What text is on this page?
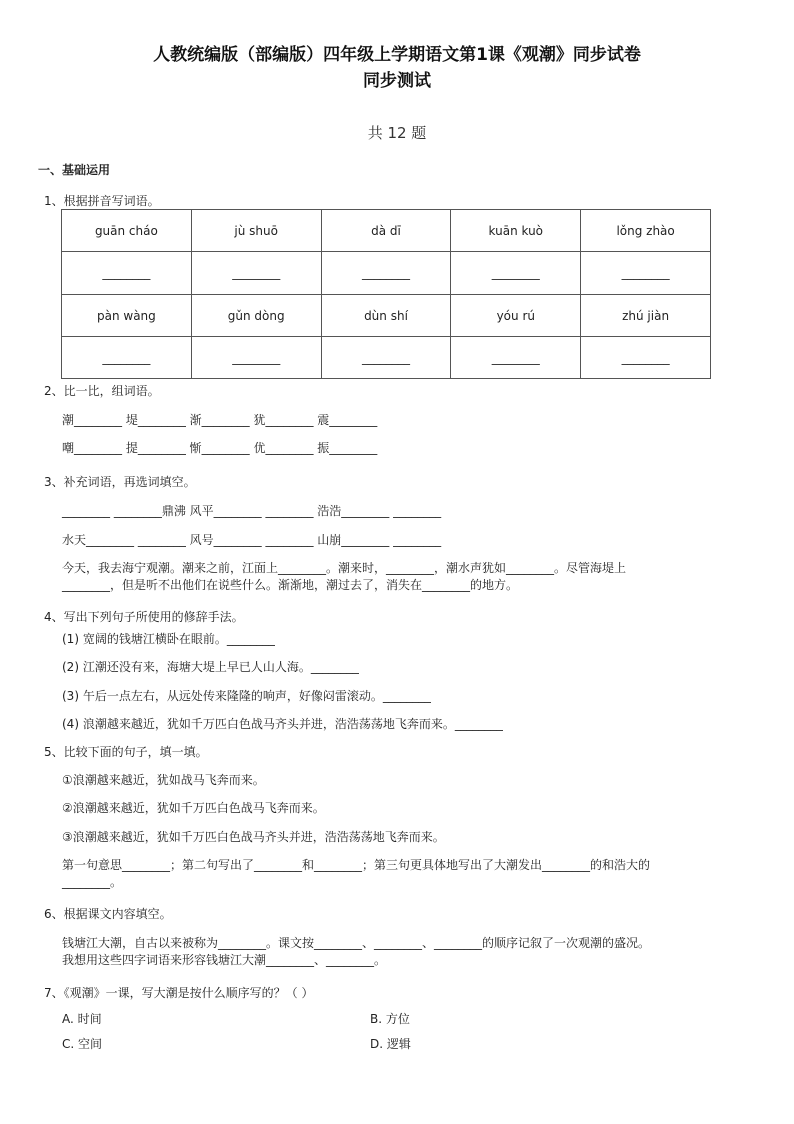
人教统编版（部编版）四年级上学期语文第1课《观潮》同步试卷
同步测试
共 12 题
一、基础运用
1、根据拼音写词语。
guān cháo	jù shuō	dà dī	kuān kuò	lǒng zhào
________	________	________	________	________
pàn wàng	gǔn dòng	dùn shí	yóu rú	zhú jiàn
________	________	________	________	________
2、比一比，组词语。
潮________ 堤________ 渐________ 犹________ 震________
嘲________ 提________ 惭________ 优________ 振________
3、补充词语，再选词填空。
________ ________鼎沸 风平________ ________ 浩浩________ ________
水天________ ________ 风号________ ________ 山崩________ ________
今天，我去海宁观潮。潮来之前，江面上________。潮来时，________，潮水声犹如________。尽管海堤上
________，但是听不出他们在说些什么。渐渐地，潮过去了，消失在________的地方。
4、写出下列句子所使用的修辞手法。
(1) 宽阔的钱塘江横卧在眼前。________
(2) 江潮还没有来，海塘大堤上早已人山人海。________
(3) 午后一点左右，从远处传来隆隆的响声，好像闷雷滚动。________
(4) 浪潮越来越近，犹如千万匹白色战马齐头并进，浩浩荡荡地飞奔而来。________
5、比较下面的句子，填一填。
①浪潮越来越近，犹如战马飞奔而来。
②浪潮越来越近，犹如千万匹白色战马飞奔而来。
③浪潮越来越近，犹如千万匹白色战马齐头并进，浩浩荡荡地飞奔而来。
第一句意思________；第二句写出了________和________；第三句更具体地写出了大潮发出________的和浩大的
________。
6、根据课文内容填空。
钱塘江大潮，自古以来被称为________。课文按________、________、________的顺序记叙了一次观潮的盛况。
我想用这些四字词语来形容钱塘江大潮________、________。
7、《观潮》一课，写大潮是按什么顺序写的？（ ）
A. 时间	B. 方位
C. 空间	D. 逻辑
